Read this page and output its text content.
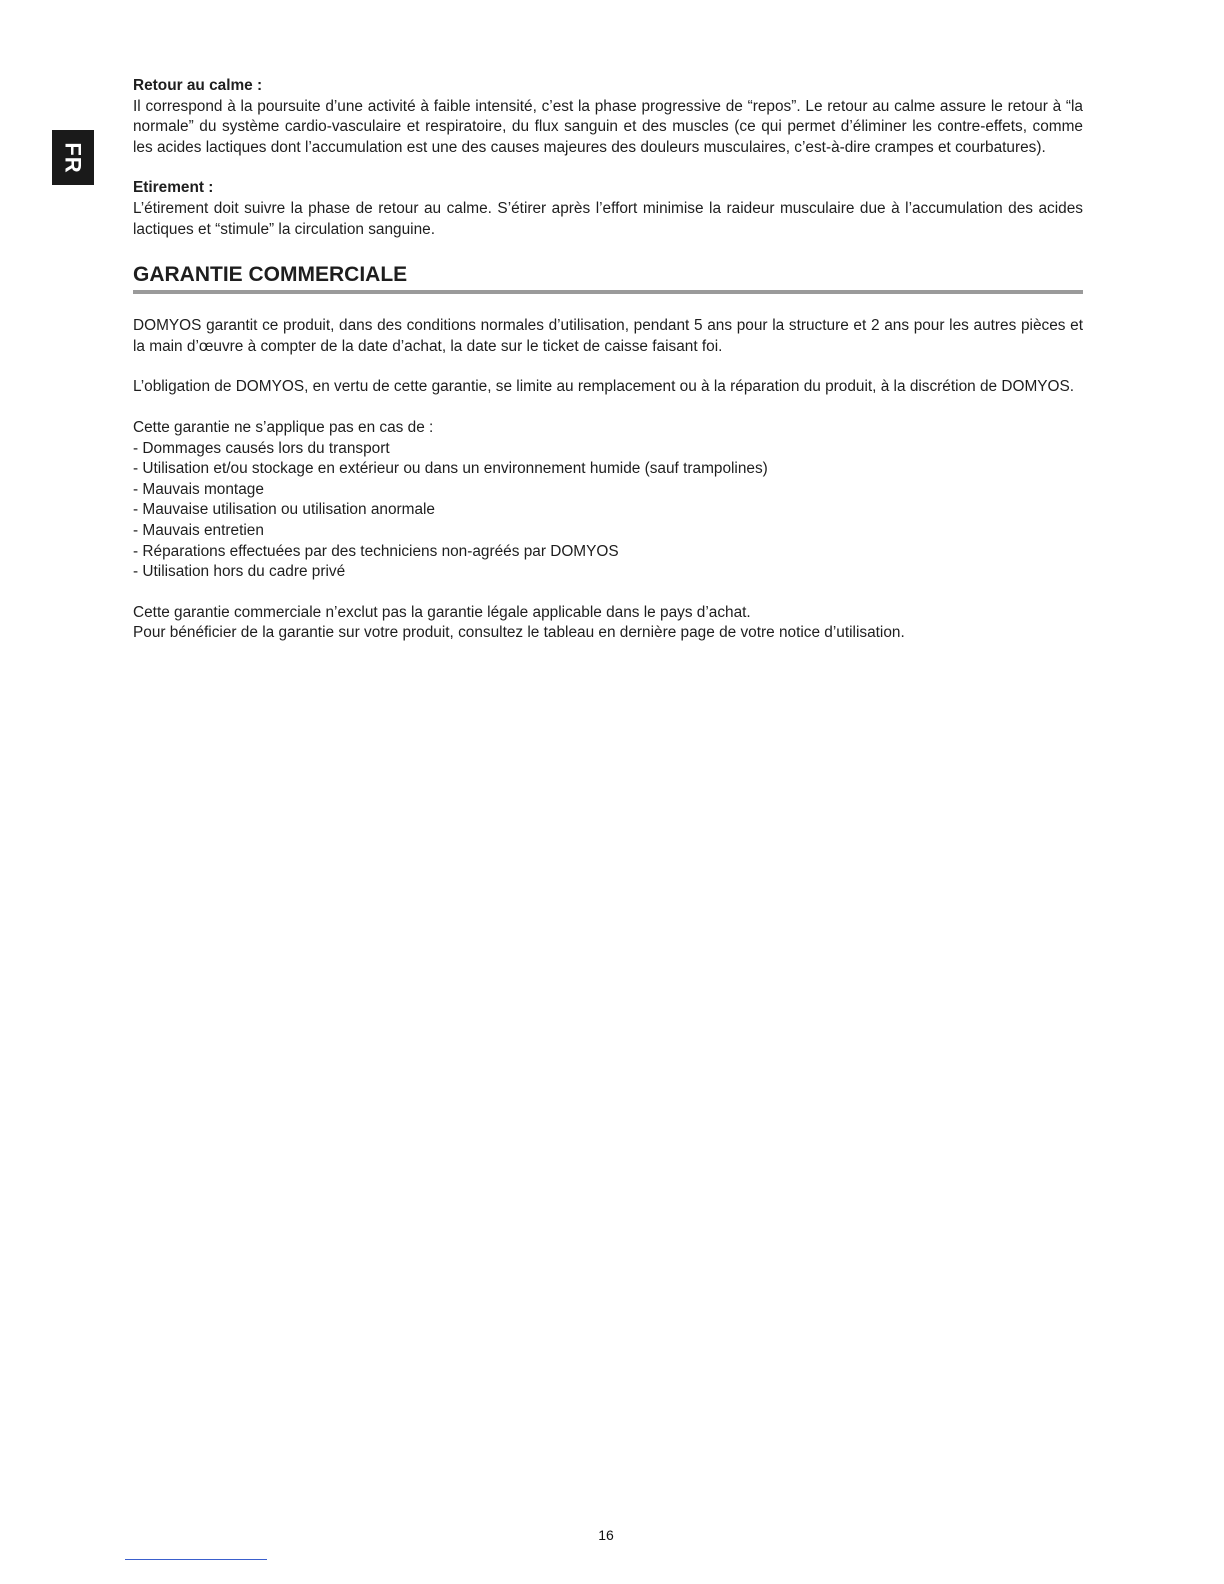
FR
Retour au calme :

Il correspond à la poursuite d’une activité à faible intensité, c’est la phase progressive de “repos”. Le retour au calme assure le retour à “la normale” du système cardio-vasculaire et respiratoire, du flux sanguin et des muscles (ce qui permet d’éliminer les contre-effets, comme les acides lactiques dont l’accumulation est une des causes majeures des douleurs musculaires, c’est-à-dire crampes et courbatures).

Etirement :

L’étirement doit suivre la phase de retour au calme. S’étirer après l’effort minimise la raideur musculaire due à l’accumulation des acides lactiques et “stimule” la circulation sanguine.

GARANTIE COMMERCIALE

DOMYOS garantit ce produit, dans des conditions normales d’utilisation, pendant 5 ans pour la structure et 2 ans pour les autres pièces et la main d’œuvre à compter de la date d’achat, la date sur le ticket de caisse faisant foi.

L’obligation de DOMYOS, en vertu de cette garantie, se limite au remplacement ou à la réparation du produit, à la discrétion de DOMYOS.

Cette garantie ne s’applique pas en cas de :

- Dommages causés lors du transport
- Utilisation et/ou stockage en extérieur ou dans un environnement humide (sauf trampolines)
- Mauvais montage
- Mauvaise utilisation ou utilisation anormale
- Mauvais entretien
- Réparations effectuées par des techniciens non-agréés par DOMYOS
- Utilisation hors du cadre privé

Cette garantie commerciale n’exclut pas la garantie légale applicable dans le pays d’achat.

Pour bénéficier de la garantie sur votre produit, consultez le tableau en dernière page de votre notice d’utilisation.

16
